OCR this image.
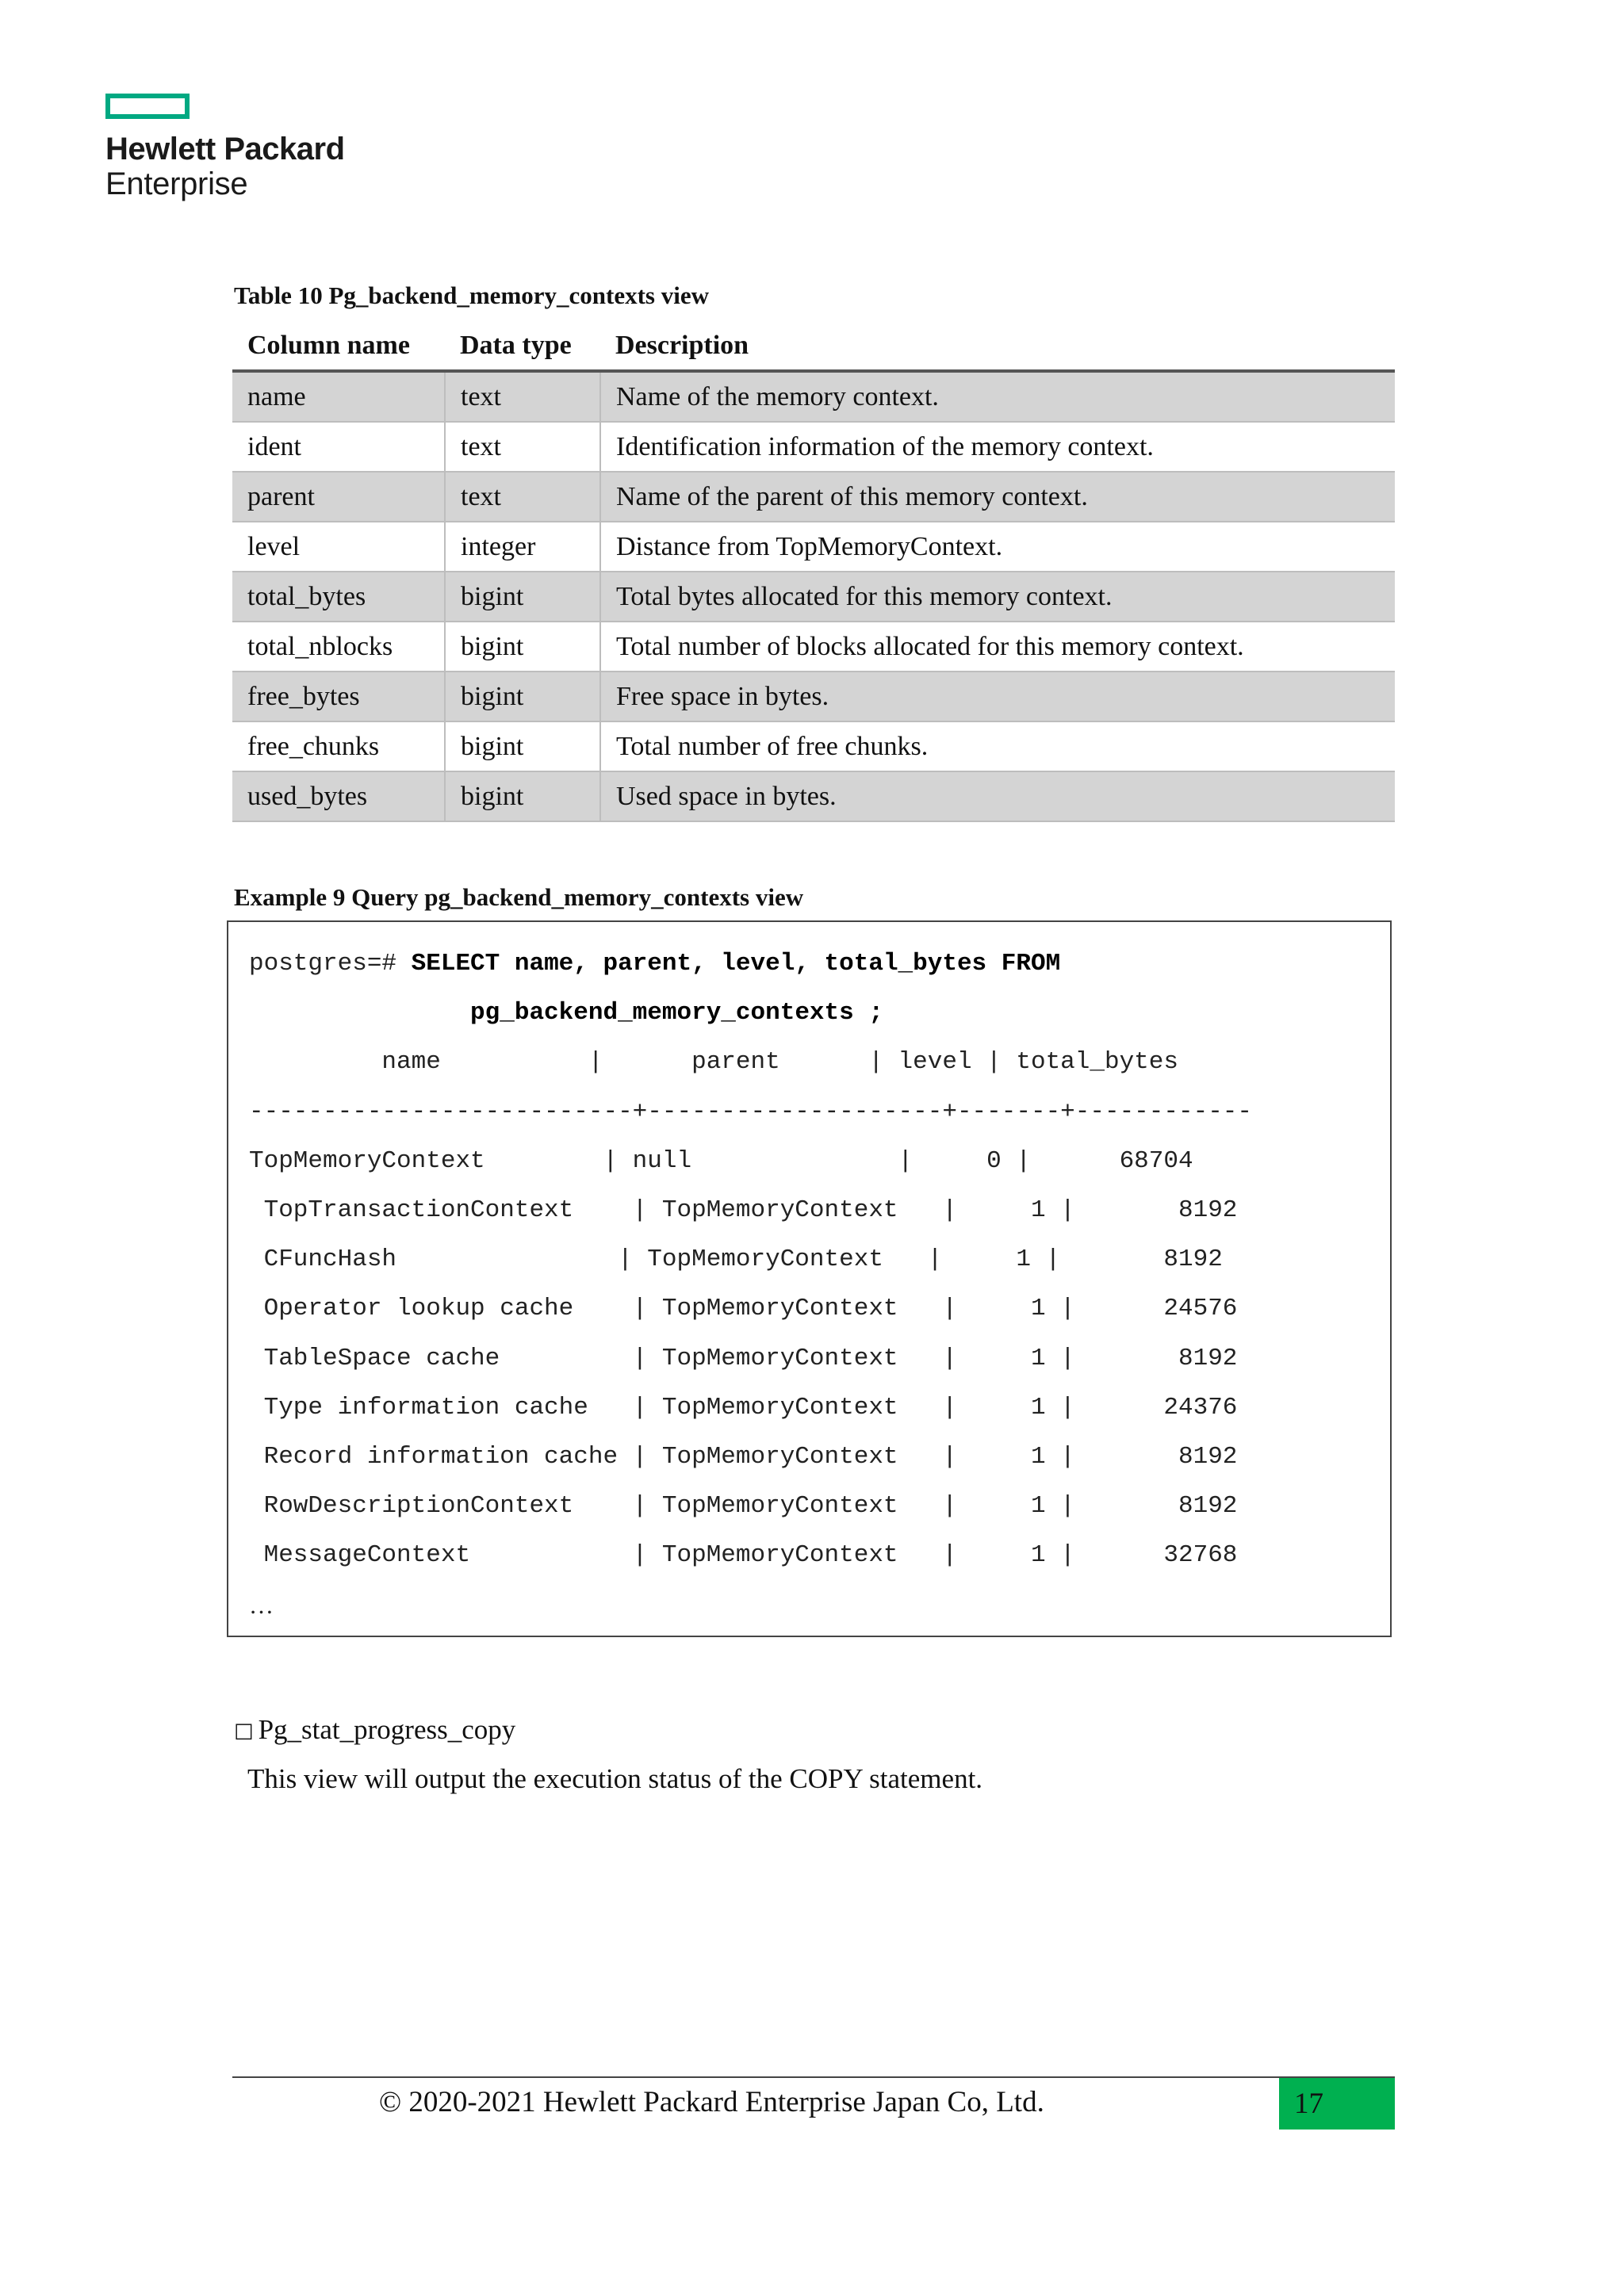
Hewlett Packard
Enterprise
Table 10 Pg_backend_memory_contexts view
Column name	Data type	Description
name	text	Name of the memory context.
ident	text	Identification information of the memory context.
parent	text	Name of the parent of this memory context.
level	integer	Distance from TopMemoryContext.
total_bytes	bigint	Total bytes allocated for this memory context.
total_nblocks	bigint	Total number of blocks allocated for this memory context.
free_bytes	bigint	Free space in bytes.
free_chunks	bigint	Total number of free chunks.
used_bytes	bigint	Used space in bytes.
Example 9 Query pg_backend_memory_contexts view
postgres=# SELECT name, parent, level, total_bytes FROM
pg_backend_memory_contexts ;
name          |      parent      | level | total_bytes
--------------------------+--------------------+-------+------------
TopMemoryContext        | null              |     0 |      68704
TopTransactionContext    | TopMemoryContext   |     1 |       8192
CFuncHash               | TopMemoryContext   |     1 |       8192
Operator lookup cache    | TopMemoryContext   |     1 |      24576
TableSpace cache         | TopMemoryContext   |     1 |       8192
Type information cache   | TopMemoryContext   |     1 |      24376
Record information cache | TopMemoryContext   |     1 |       8192
RowDescriptionContext    | TopMemoryContext   |     1 |       8192
MessageContext           | TopMemoryContext   |     1 |      32768
…
□ Pg_stat_progress_copy
This view will output the execution status of the COPY statement.
© 2020-2021 Hewlett Packard Enterprise Japan Co, Ltd.	17
